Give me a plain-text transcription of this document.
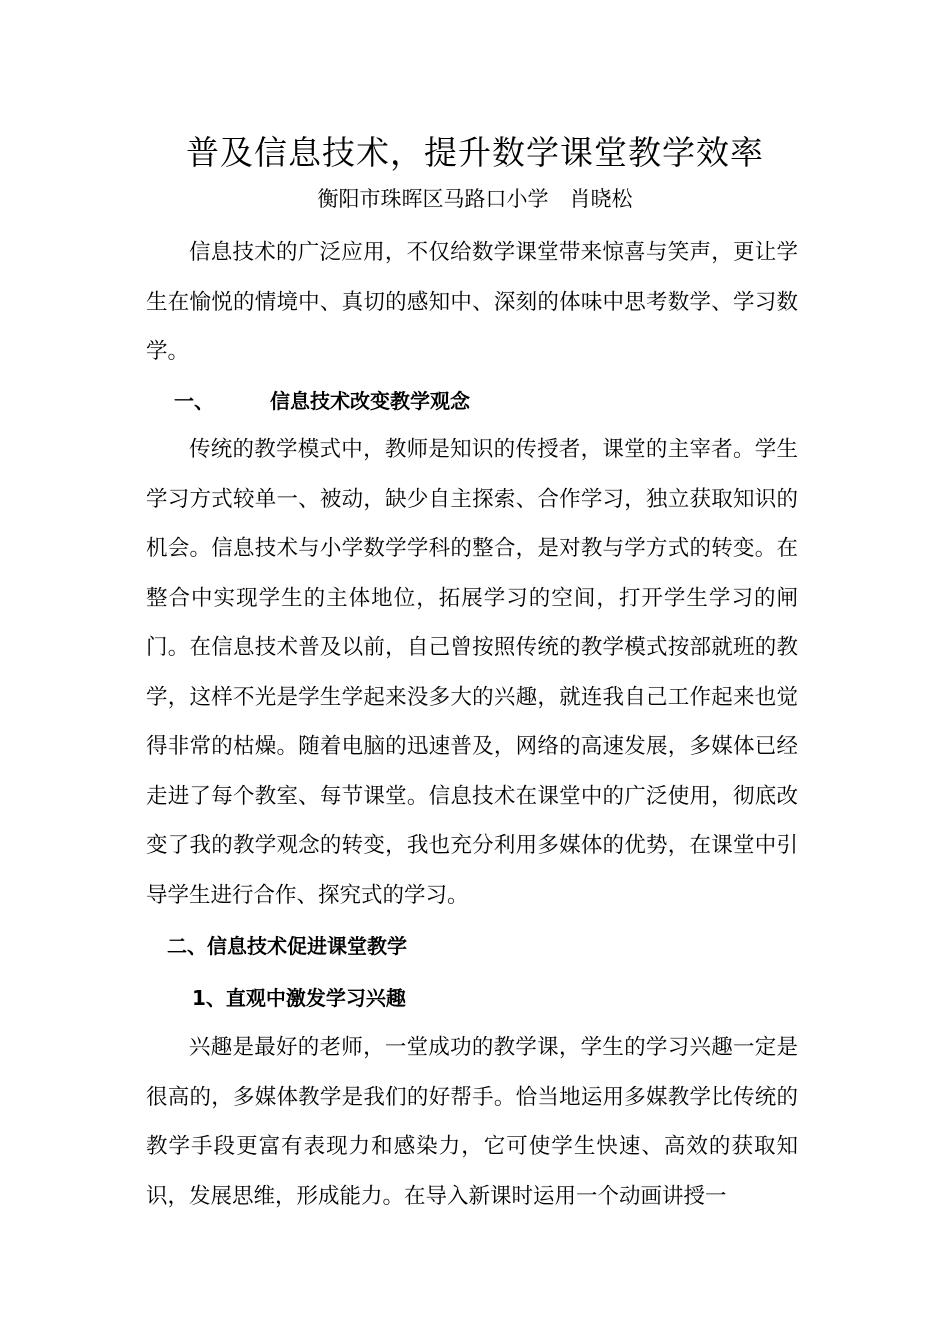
普及信息技术，提升数学课堂教学效率

衡阳市珠晖区马路口小学　肖晓松

信息技术的广泛应用，不仅给数学课堂带来惊喜与笑声，更让学生在愉悦的情境中、真切的感知中、深刻的体味中思考数学、学习数学。

一、	信息技术改变教学观念

传统的教学模式中，教师是知识的传授者，课堂的主宰者。学生学习方式较单一、被动，缺少自主探索、合作学习，独立获取知识的机会。信息技术与小学数学学科的整合，是对教与学方式的转变。在整合中实现学生的主体地位，拓展学习的空间，打开学生学习的闸门。在信息技术普及以前，自己曾按照传统的教学模式按部就班的教学，这样不光是学生学起来没多大的兴趣，就连我自己工作起来也觉得非常的枯燥。随着电脑的迅速普及，网络的高速发展，多媒体已经走进了每个教室、每节课堂。信息技术在课堂中的广泛使用，彻底改变了我的教学观念的转变，我也充分利用多媒体的优势，在课堂中引导学生进行合作、探究式的学习。

二、信息技术促进课堂教学

1、直观中激发学习兴趣

兴趣是最好的老师，一堂成功的教学课，学生的学习兴趣一定是很高的，多媒体教学是我们的好帮手。恰当地运用多媒教学比传统的教学手段更富有表现力和感染力，它可使学生快速、高效的获取知识，发展思维，形成能力。在导入新课时运用一个动画讲授一
